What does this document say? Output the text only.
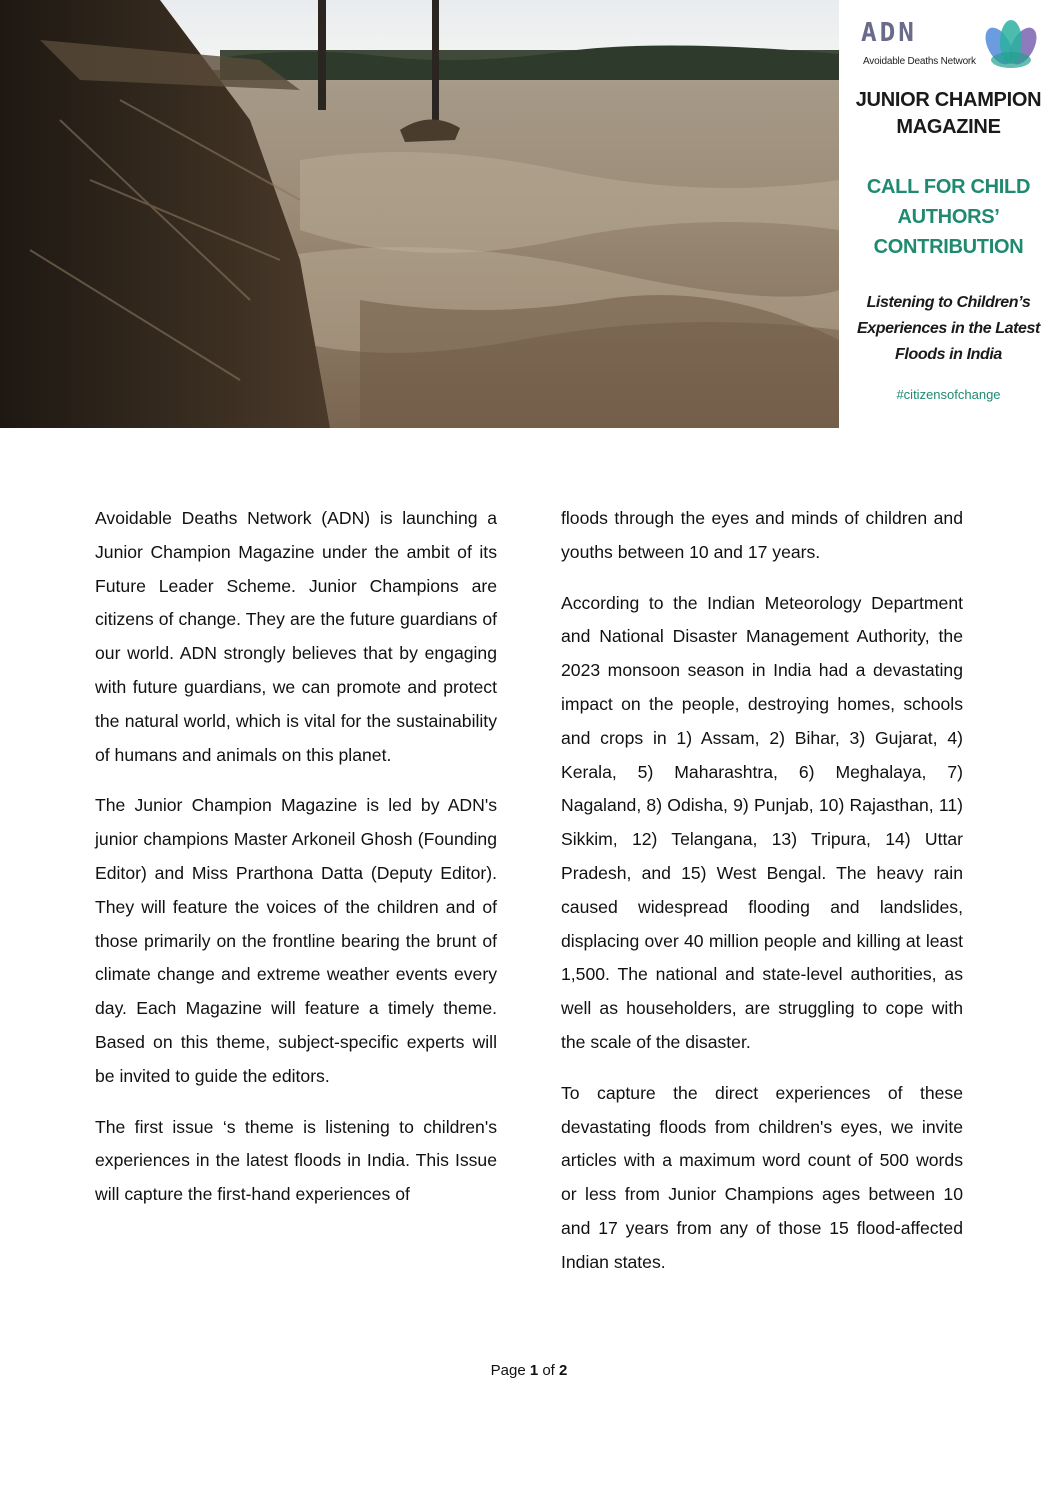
ADN
Avoidable Deaths Network
JUNIOR CHAMPION
MAGAZINE
CALL FOR CHILD
AUTHORS’
CONTRIBUTION
Listening to Children’s
Experiences in the Latest
Floods in India
#citizensofchange

Avoidable Deaths Network (ADN) is launching a Junior Champion Magazine under the ambit of its Future Leader Scheme. Junior Champions are citizens of change. They are the future guardians of our world. ADN strongly believes that by engaging with future guardians, we can promote and protect the natural world, which is vital for the sustainability of humans and animals on this planet.

The Junior Champion Magazine is led by ADN's junior champions Master Arkoneil Ghosh (Founding Editor) and Miss Prarthona Datta (Deputy Editor). They will feature the voices of the children and of those primarily on the frontline bearing the brunt of climate change and extreme weather events every day. Each Magazine will feature a timely theme. Based on this theme, subject-specific experts will be invited to guide the editors.

The first issue ‘s theme is listening to children's experiences in the latest floods in India. This Issue will capture the first-hand experiences of

floods through the eyes and minds of children and youths between 10 and 17 years.

According to the Indian Meteorology Department and National Disaster Management Authority, the 2023 monsoon season in India had a devastating impact on the people, destroying homes, schools and crops in 1) Assam, 2) Bihar, 3) Gujarat, 4) Kerala, 5) Maharashtra, 6) Meghalaya, 7) Nagaland, 8) Odisha, 9) Punjab, 10) Rajasthan, 11) Sikkim, 12) Telangana, 13) Tripura, 14) Uttar Pradesh, and 15) West Bengal. The heavy rain caused widespread flooding and landslides, displacing over 40 million people and killing at least 1,500. The national and state-level authorities, as well as householders, are struggling to cope with the scale of the disaster.

To capture the direct experiences of these devastating floods from children's eyes, we invite articles with a maximum word count of 500 words or less from Junior Champions ages between 10 and 17 years from any of those 15 flood-affected Indian states.

Page 1 of 2
